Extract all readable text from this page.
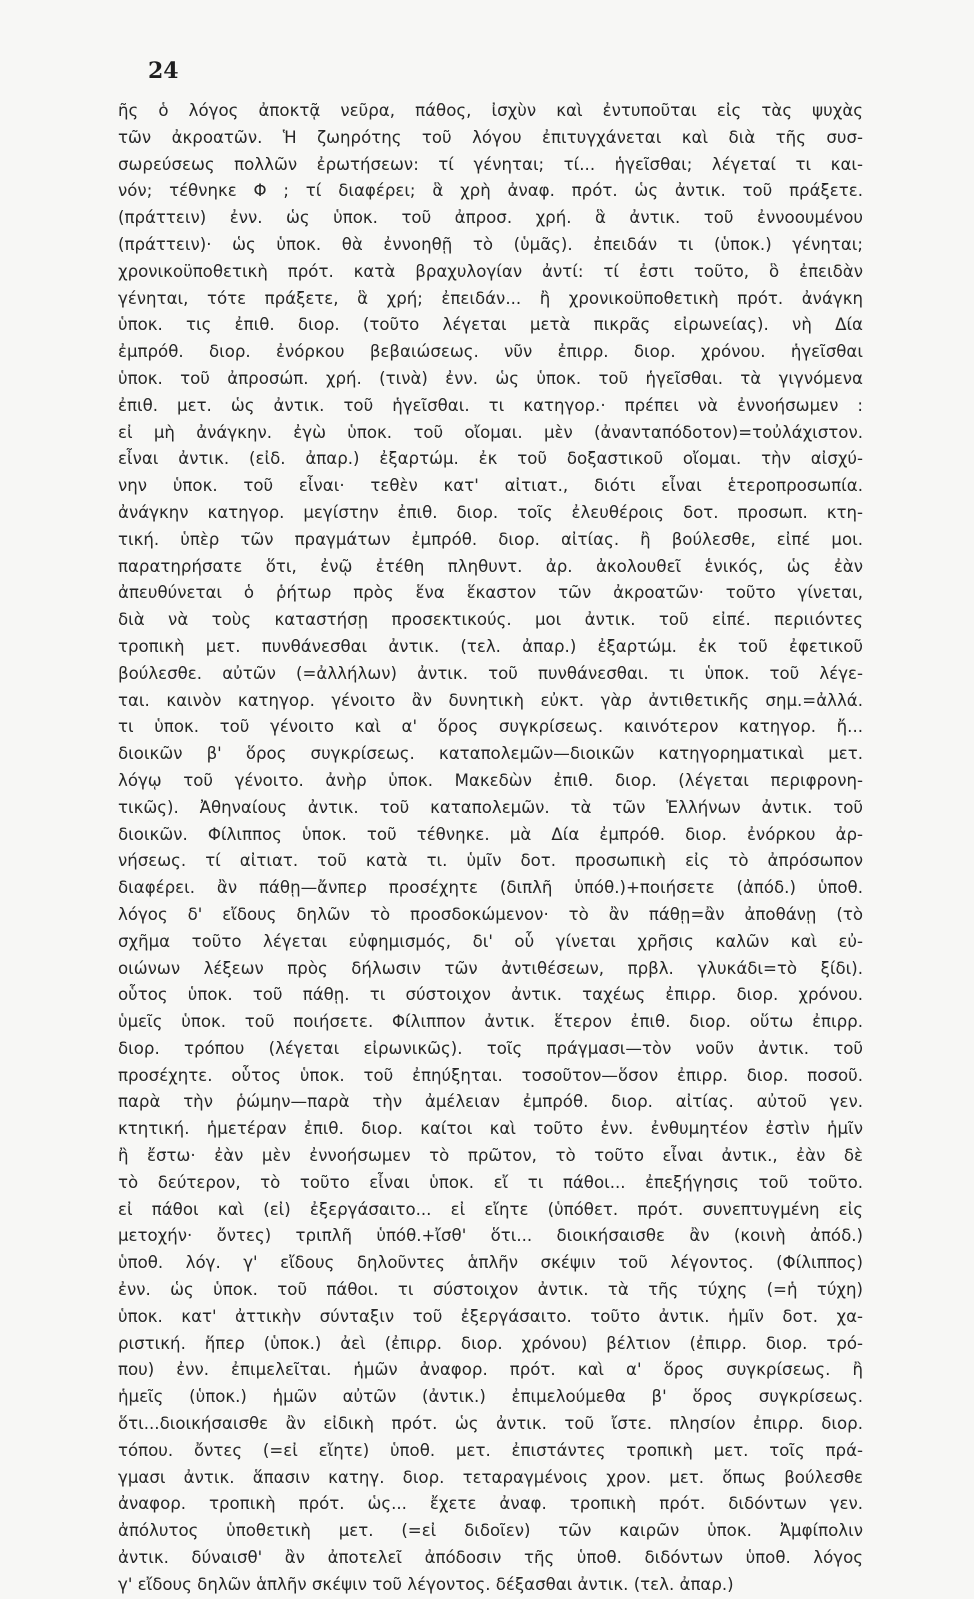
24
ῆς ὁ λόγος ἀποκτᾷ νεῦρα, πάθος, ἰσχὺν καὶ ἐντυποῦται εἰς τὰς ψυχὰς
τῶν ἀκροατῶν. Ἡ ζωηρότης τοῦ λόγου ἐπιτυγχάνεται καὶ διὰ τῆς συσ-
σωρεύσεως πολλῶν ἐρωτήσεων: τί γένηται; τί... ἡγεῖσθαι; λέγεταί τι και-
νόν; τέθνηκε Φ ; τί διαφέρει; ἃ χρὴ ἀναφ. πρότ. ὡς ἀντικ. τοῦ πράξετε.
(πράττειν) ἐνν. ὡς ὑποκ. τοῦ ἀπροσ. χρή. ἃ ἀντικ. τοῦ ἐννοουμένου
(πράττειν)· ὡς ὑποκ. θὰ ἐννοηθῇ τὸ (ὑμᾶς). ἐπειδάν τι (ὑποκ.) γένηται;
χρονικοϋποθετικὴ πρότ. κατὰ βραχυλογίαν ἀντί: τί ἐστι τοῦτο, ὃ ἐπειδὰν
γένηται, τότε πράξετε, ἃ χρή; ἐπειδάν... ἢ χρονικοϋποθετικὴ πρότ. ἀνάγκη
ὑποκ. τις ἐπιθ. διορ. (τοῦτο λέγεται μετὰ πικρᾶς εἰρωνείας). νὴ Δία
ἐμπρόθ. διορ. ἐνόρκου βεβαιώσεως. νῦν ἐπιρρ. διορ. χρόνου. ἡγεῖσθαι
ὑποκ. τοῦ ἀπροσώπ. χρή. (τινὰ) ἐνν. ὡς ὑποκ. τοῦ ἡγεῖσθαι. τὰ γιγνόμενα
ἐπιθ. μετ. ὡς ἀντικ. τοῦ ἡγεῖσθαι. τι κατηγορ.· πρέπει νὰ ἐννοήσωμεν :
εἰ μὴ ἀνάγκην. ἐγὼ ὑποκ. τοῦ οἴομαι. μὲν (ἀνανταπόδοτον)=τοὐλάχιστον.
εἶναι ἀντικ. (εἰδ. ἀπαρ.) ἐξαρτώμ. ἐκ τοῦ δοξαστικοῦ οἴομαι. τὴν αἰσχύ-
νην ὑποκ. τοῦ εἶναι· τεθὲν κατ' αἰτιατ., διότι εἶναι ἑτεροπροσωπία.
ἀνάγκην κατηγορ. μεγίστην ἐπιθ. διορ. τοῖς ἐλευθέροις δοτ. προσωπ. κτη-
τική. ὑπὲρ τῶν πραγμάτων ἐμπρόθ. διορ. αἰτίας. ἢ βούλεσθε, εἰπέ μοι.
παρατηρήσατε ὅτι, ἐνῷ ἐτέθη πληθυντ. ἀρ. ἀκολουθεῖ ἑνικός, ὡς ἐὰν
ἀπευθύνεται ὁ ῥήτωρ πρὸς ἕνα ἕκαστον τῶν ἀκροατῶν· τοῦτο γίνεται,
διὰ νὰ τοὺς καταστήσῃ προσεκτικούς. μοι ἀντικ. τοῦ εἰπέ. περιιόντες
τροπικὴ μετ. πυνθάνεσθαι ἀντικ. (τελ. ἀπαρ.) ἐξαρτώμ. ἐκ τοῦ ἐφετικοῦ
βούλεσθε. αὐτῶν (=ἀλλήλων) ἀντικ. τοῦ πυνθάνεσθαι. τι ὑποκ. τοῦ λέγε-
ται. καινὸν κατηγορ. γένοιτο ἂν δυνητικὴ εὐκτ. γὰρ ἀντιθετικῆς σημ.=ἀλλά.
τι ὑποκ. τοῦ γένοιτο καὶ α' ὅρος συγκρίσεως. καινότερον κατηγορ. ἤ...
διοικῶν β' ὅρος συγκρίσεως. καταπολεμῶν—διοικῶν κατηγορηματικαὶ μετ.
λόγῳ τοῦ γένοιτο. ἀνὴρ ὑποκ. Μακεδὼν ἐπιθ. διορ. (λέγεται περιφρονη-
τικῶς). Ἀθηναίους ἀντικ. τοῦ καταπολεμῶν. τὰ τῶν Ἑλλήνων ἀντικ. τοῦ
διοικῶν. Φίλιππος ὑποκ. τοῦ τέθνηκε. μὰ Δία ἐμπρόθ. διορ. ἐνόρκου ἀρ-
νήσεως. τί αἰτιατ. τοῦ κατὰ τι. ὑμῖν δοτ. προσωπικὴ εἰς τὸ ἀπρόσωπον
διαφέρει. ἂν πάθῃ—ἄνπερ προσέχητε (διπλῆ ὑπόθ.)+ποιήσετε (ἀπόδ.) ὑποθ.
λόγος δ' εἴδους δηλῶν τὸ προσδοκώμενον· τὸ ἂν πάθῃ=ἂν ἀποθάνῃ (τὸ
σχῆμα τοῦτο λέγεται εὐφημισμός, δι' οὗ γίνεται χρῆσις καλῶν καὶ εὐ-
οιώνων λέξεων πρὸς δήλωσιν τῶν ἀντιθέσεων, πρβλ. γλυκάδι=τὸ ξίδι).
οὗτος ὑποκ. τοῦ πάθῃ. τι σύστοιχον ἀντικ. ταχέως ἐπιρρ. διορ. χρόνου.
ὑμεῖς ὑποκ. τοῦ ποιήσετε. Φίλιππον ἀντικ. ἕτερον ἐπιθ. διορ. οὕτω ἐπιρρ.
διορ. τρόπου (λέγεται εἰρωνικῶς). τοῖς πράγμασι—τὸν νοῦν ἀντικ. τοῦ
προσέχητε. οὗτος ὑποκ. τοῦ ἐπηύξηται. τοσοῦτον—ὅσον ἐπιρρ. διορ. ποσοῦ.
παρὰ τὴν ῥώμην—παρὰ τὴν ἀμέλειαν ἐμπρόθ. διορ. αἰτίας. αὐτοῦ γεν.
κτητική. ἡμετέραν ἐπιθ. διορ. καίτοι καὶ τοῦτο ἐνν. ἐνθυμητέον ἐστὶν ἡμῖν
ἢ ἔστω· ἐὰν μὲν ἐννοήσωμεν τὸ πρῶτον, τὸ τοῦτο εἶναι ἀντικ., ἐὰν δὲ
τὸ δεύτερον, τὸ τοῦτο εἶναι ὑποκ. εἴ τι πάθοι... ἐπεξήγησις τοῦ τοῦτο.
εἰ πάθοι καὶ (εἰ) ἐξεργάσαιτο... εἰ εἴητε (ὑπόθετ. πρότ. συνεπτυγμένη εἰς
μετοχήν· ὄντες) τριπλῆ ὑπόθ.+ἴσθ' ὅτι... διοικήσαισθε ἂν (κοινὴ ἀπόδ.)
ὑποθ. λόγ. γ' εἴδους δηλοῦντες ἁπλῆν σκέψιν τοῦ λέγοντος. (Φίλιππος)
ἐνν. ὡς ὑποκ. τοῦ πάθοι. τι σύστοιχον ἀντικ. τὰ τῆς τύχης (=ἡ τύχη)
ὑποκ. κατ' ἀττικὴν σύνταξιν τοῦ ἐξεργάσαιτο. τοῦτο ἀντικ. ἡμῖν δοτ. χα-
ριστική. ἥπερ (ὑποκ.) ἀεὶ (ἐπιρρ. διορ. χρόνου) βέλτιον (ἐπιρρ. διορ. τρό-
που) ἐνν. ἐπιμελεῖται. ἡμῶν ἀναφορ. πρότ. καὶ α' ὅρος συγκρίσεως. ἢ
ἡμεῖς (ὑποκ.) ἡμῶν αὐτῶν (ἀντικ.) ἐπιμελούμεθα β' ὅρος συγκρίσεως.
ὅτι...διοικήσαισθε ἂν εἰδικὴ πρότ. ὡς ἀντικ. τοῦ ἴστε. πλησίον ἐπιρρ. διορ.
τόπου. ὄντες (=εἰ εἴητε) ὑποθ. μετ. ἐπιστάντες τροπικὴ μετ. τοῖς πρά-
γμασι ἀντικ. ἅπασιν κατηγ. διορ. τεταραγμένοις χρον. μετ. ὅπως βούλεσθε
ἀναφορ. τροπικὴ πρότ. ὡς... ἔχετε ἀναφ. τροπικὴ πρότ. διδόντων γεν.
ἀπόλυτος ὑποθετικὴ μετ. (=εἰ διδοῖεν) τῶν καιρῶν ὑποκ. Ἀμφίπολιν
ἀντικ. δύναισθ' ἂν ἀποτελεῖ ἀπόδοσιν τῆς ὑποθ. διδόντων ὑποθ. λόγος
γ' εἴδους δηλῶν ἁπλῆν σκέψιν τοῦ λέγοντος. δέξασθαι ἀντικ. (τελ. ἀπαρ.)
